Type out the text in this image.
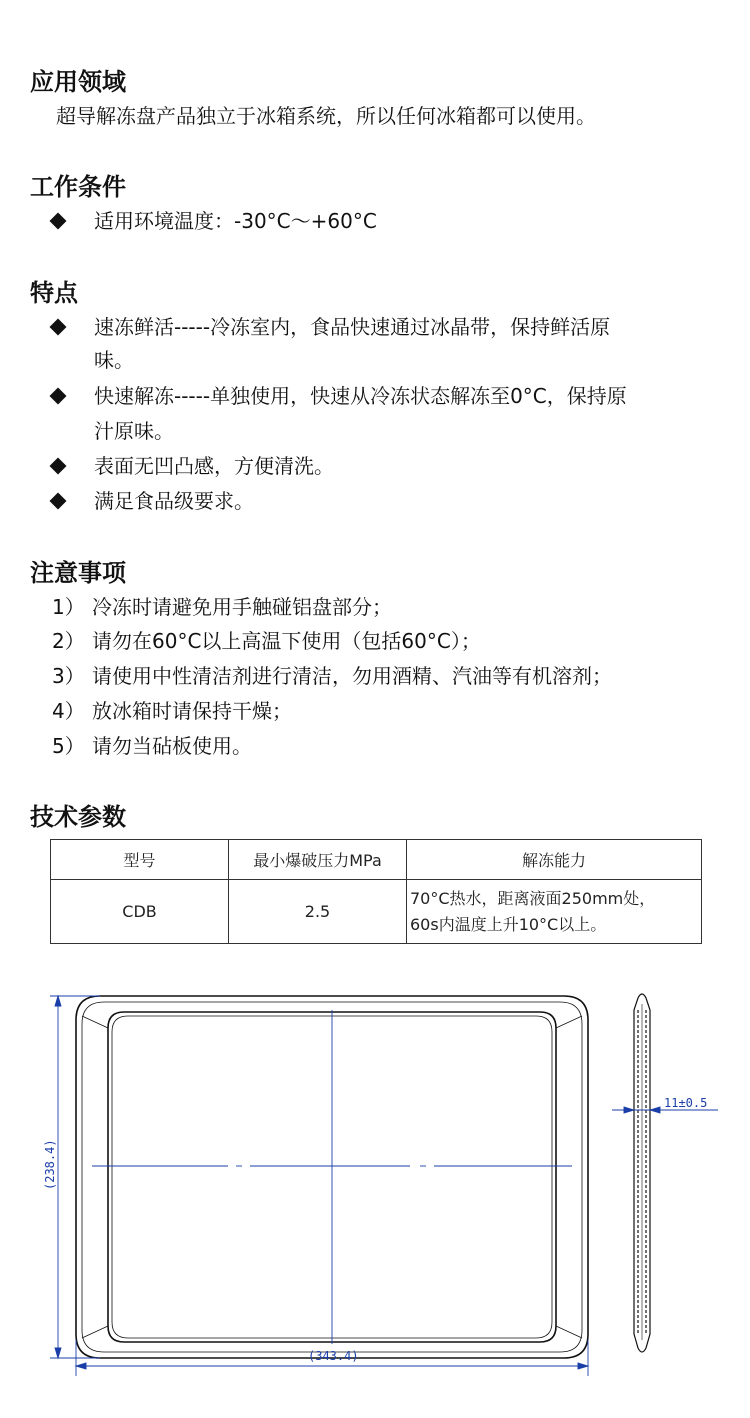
应用领域

超导解冻盘产品独立于冰箱系统，所以任何冰箱都可以使用。

工作条件
适用环境温度：-30°C～+60°C
特点
速冻鲜活-----冷冻室内，食品快速通过冰晶带，保持鲜活原
味。
快速解冻-----单独使用，快速从冷冻状态解冻至0°C，保持原
汁原味。
表面无凹凸感，方便清洗。
满足食品级要求。
注意事项
1） 冷冻时请避免用手触碰铝盘部分；
2） 请勿在60°C以上高温下使用（包括60°C）；
3） 请使用中性清洁剂进行清洁，勿用酒精、汽油等有机溶剂；
4） 放冰箱时请保持干燥；
5） 请勿当砧板使用。
技术参数
型号	最小爆破压力MPa	解冻能力
CDB	2.5	70°C热水，距离液面250mm处，
60s内温度上升10°C以上。
(238.4)
(343.4)
11±0.5
